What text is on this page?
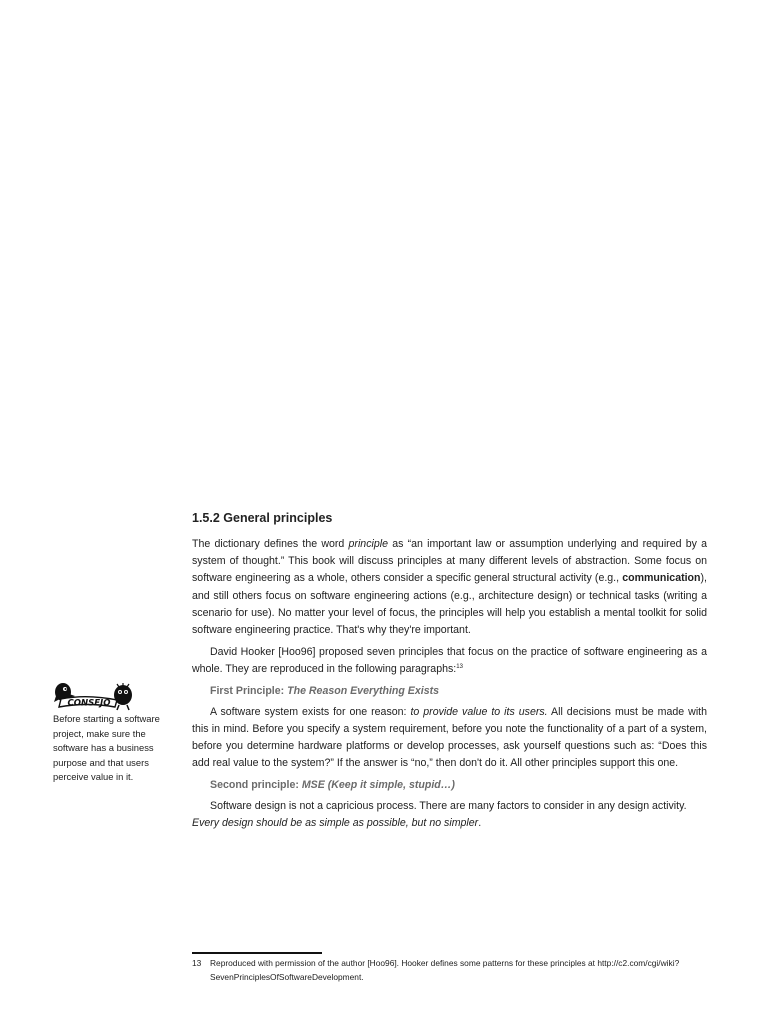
1.5.2 General principles

The dictionary defines the word principle as “an important law or assumption underlying and required by a system of thought.” This book will discuss principles at many different levels of abstraction. Some focus on software engineering as a whole, others consider a specific general structural activity (e.g., communication), and still others focus on software engineering actions (e.g., architecture design) or technical tasks (writing a scenario for use). No matter your level of focus, the principles will help you establish a mental toolkit for solid software engineering practice. That's why they're important.

David Hooker [Hoo96] proposed seven principles that focus on the practice of software engineering as a whole. They are reproduced in the following paragraphs:$^{13}$

First Principle: The Reason Everything Exists

A software system exists for one reason: to provide value to its users. All decisions must be made with this in mind. Before you specify a system requirement, before you note the functionality of a part of a system, before you determine hardware platforms or develop processes, ask yourself questions such as: “Does this add real value to the system?” If the answer is “no,” then don't do it. All other principles support this one.

Second principle: MSE (Keep it simple, stupid…)

Software design is not a capricious process. There are many factors to consider in any design activity.
Every design should be as simple as possible, but no simpler.

CONSEJO
Before starting a software project, make sure the software has a business purpose and that users perceive value in it.
13 Reproduced with permission of the author [Hoo96]. Hooker defines some patterns for these principles at http://c2.com/cgi/wiki?
SevenPrinciplesOfSoftwareDevelopment.
